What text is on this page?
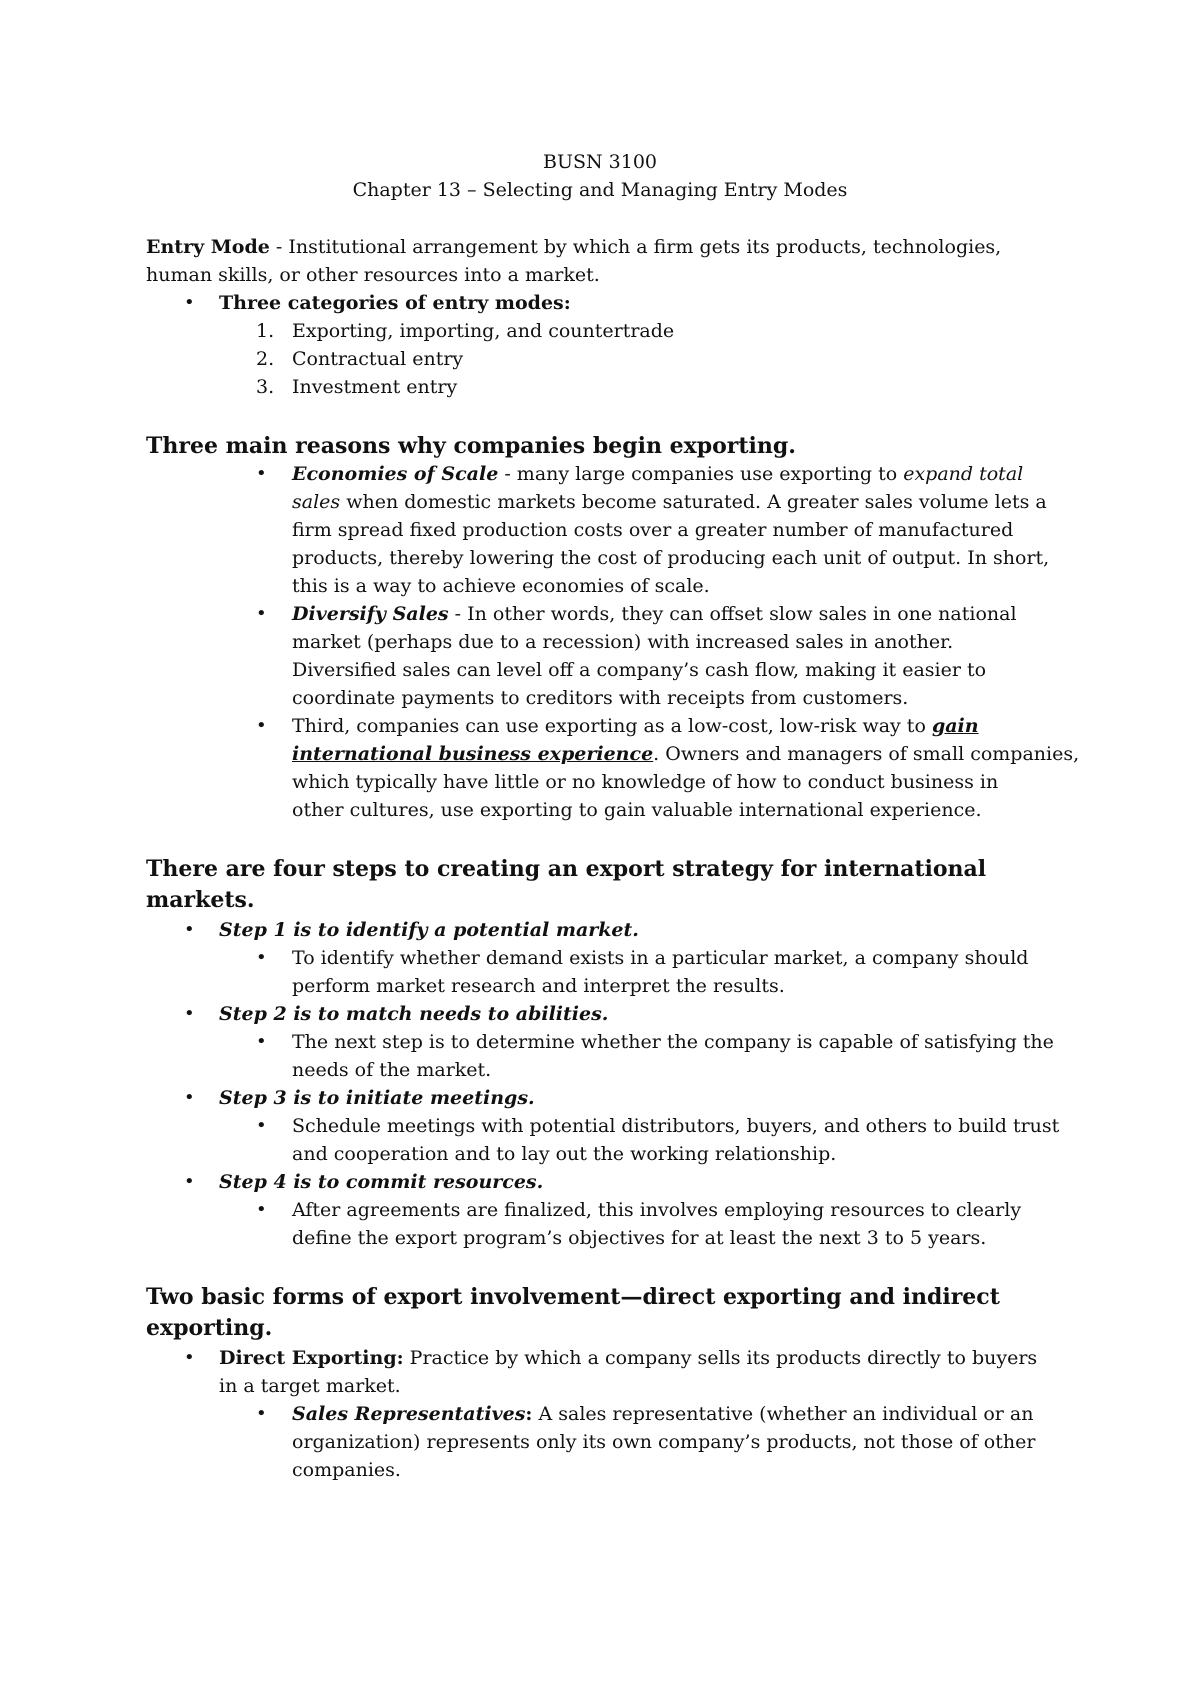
BUSN 3100
Chapter 13 – Selecting and Managing Entry Modes
Entry Mode - Institutional arrangement by which a firm gets its products, technologies,
human skills, or other resources into a market.
• Three categories of entry modes:
1. Exporting, importing, and countertrade
2. Contractual entry
3. Investment entry
Three main reasons why companies begin exporting.
• Economies of Scale - many large companies use exporting to expand total
sales when domestic markets become saturated. A greater sales volume lets a
firm spread fixed production costs over a greater number of manufactured
products, thereby lowering the cost of producing each unit of output. In short,
this is a way to achieve economies of scale.
• Diversify Sales - In other words, they can offset slow sales in one national
market (perhaps due to a recession) with increased sales in another.
Diversified sales can level off a company’s cash flow, making it easier to
coordinate payments to creditors with receipts from customers.
• Third, companies can use exporting as a low-cost, low-risk way to gain
international business experience. Owners and managers of small companies,
which typically have little or no knowledge of how to conduct business in
other cultures, use exporting to gain valuable international experience.
There are four steps to creating an export strategy for international
markets.
• Step 1 is to identify a potential market.
• To identify whether demand exists in a particular market, a company should
perform market research and interpret the results.
• Step 2 is to match needs to abilities.
• The next step is to determine whether the company is capable of satisfying the
needs of the market.
• Step 3 is to initiate meetings.
• Schedule meetings with potential distributors, buyers, and others to build trust
and cooperation and to lay out the working relationship.
• Step 4 is to commit resources.
• After agreements are finalized, this involves employing resources to clearly
define the export program’s objectives for at least the next 3 to 5 years.
Two basic forms of export involvement—direct exporting and indirect
exporting.
• Direct Exporting: Practice by which a company sells its products directly to buyers
in a target market.
• Sales Representatives: A sales representative (whether an individual or an
organization) represents only its own company’s products, not those of other
companies.
